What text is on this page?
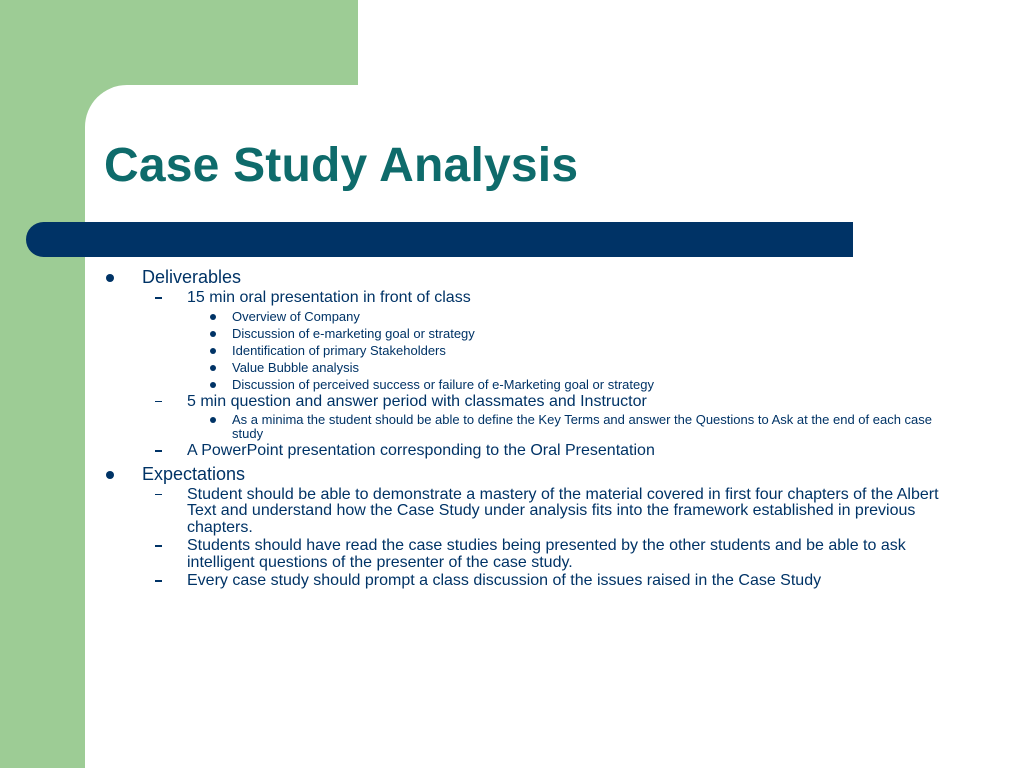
Case Study Analysis
Deliverables
15 min oral presentation in front of class
Overview of Company
Discussion of e-marketing goal or strategy
Identification of primary Stakeholders
Value Bubble analysis
Discussion of perceived success or failure of e-Marketing goal or strategy
5 min question and answer period with classmates and Instructor
As a minima the student should be able to define the Key Terms and answer the Questions to Ask at the end of each case study
A PowerPoint presentation corresponding to the Oral Presentation
Expectations
Student should be able to demonstrate a mastery of the material covered in first four chapters of the Albert Text and understand how the Case Study under analysis fits into the framework established in previous chapters.
Students should have read the case studies being presented by the other students and be able to ask intelligent questions of the presenter of the case study.
Every case study should prompt a class discussion of the issues raised in the Case Study
